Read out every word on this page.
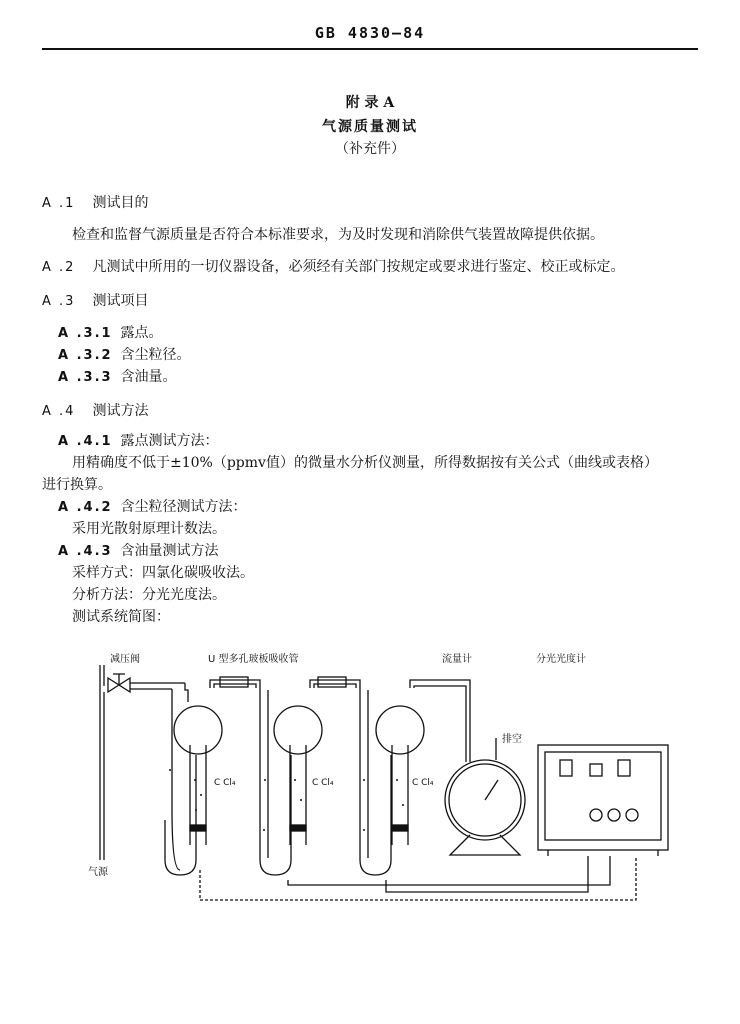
GB 4830—84
附 录 A
气源质量测试
（补充件）
A .1 测试目的
检查和监督气源质量是否符合本标准要求，为及时发现和消除供气装置故障提供依据。
A .2 凡测试中所用的一切仪器设备，必须经有关部门按规定或要求进行鉴定、校正或标定。
A .3 测试项目
A .3.1 露点。
A .3.2 含尘粒径。
A .3.3 含油量。
A .4 测试方法
A .4.1 露点测试方法：
用精确度不低于±10%（ppmv值）的微量水分析仪测量，所得数据按有关公式（曲线或表格）
进行换算。
A .4.2 含尘粒径测试方法：
采用光散射原理计数法。
A .4.3 含油量测试方法
采样方式：四氯化碳吸收法。
分析方法：分光光度法。
测试系统简图：
减压阀	U 型多孔玻板吸收管	流量计	分光光度计
排空
气源
C Cl₄	C Cl₄	C Cl₄
